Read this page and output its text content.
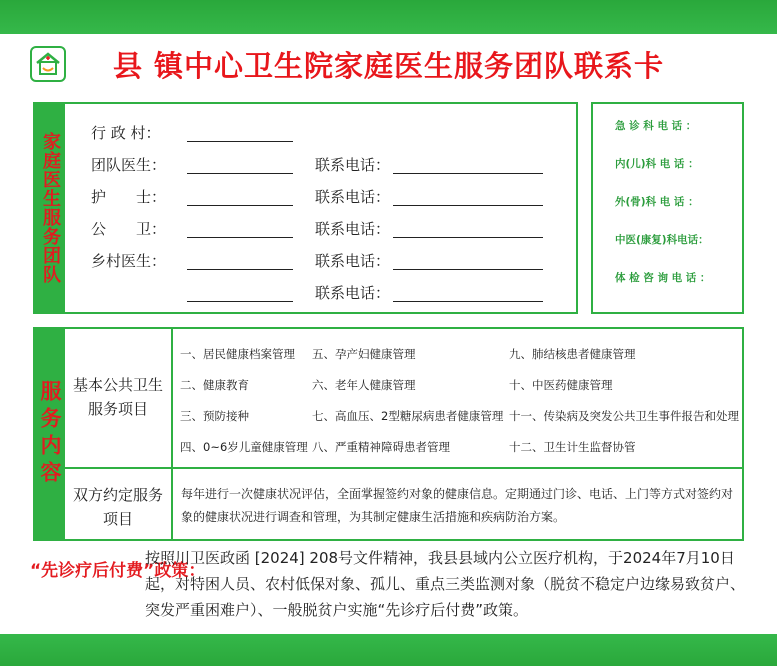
县 镇中心卫生院家庭医生服务团队联系卡
家庭医生服务团队 行 政 村：
团队医生：	联系电话：
护　　士：	联系电话：
公　　卫：	联系电话：
乡村医生：	联系电话：
联系电话：
急 诊 科 电 话 ：
内(儿)科 电 话 ：
外(骨)科 电 话 ：
中医(康复)科电话：
体 检 咨 询 电 话 ：
服务内容 基本公共卫生服务项目
一、居民健康档案管理 五、孕产妇健康管理	九、肺结核患者健康管理
二、健康教育	六、老年人健康管理	十、中医药健康管理
三、预防接种	七、高血压、2型糖尿病患者健康管理 十一、传染病及突发公共卫生事件报告和处理
四、0~6岁儿童健康管理 八、严重精神障碍患者管理	十二、卫生计生监督协管
双方约定服务项目
每年进行一次健康状况评估，全面掌握签约对象的健康信息。定期通过门诊、电话、上门等方式对签约对象的健康状况进行调查和管理，为其制定健康生活措施和疾病防治方案。
“先诊疗后付费”政策：
按照川卫医政函 [2024] 208号文件精神，我县县域内公立医疗机构，于2024年7月10日起，对特困人员、农村低保对象、孤儿、重点三类监测对象（脱贫不稳定户边缘易致贫户、突发严重困难户）、一般脱贫户实施“先诊疗后付费”政策。
